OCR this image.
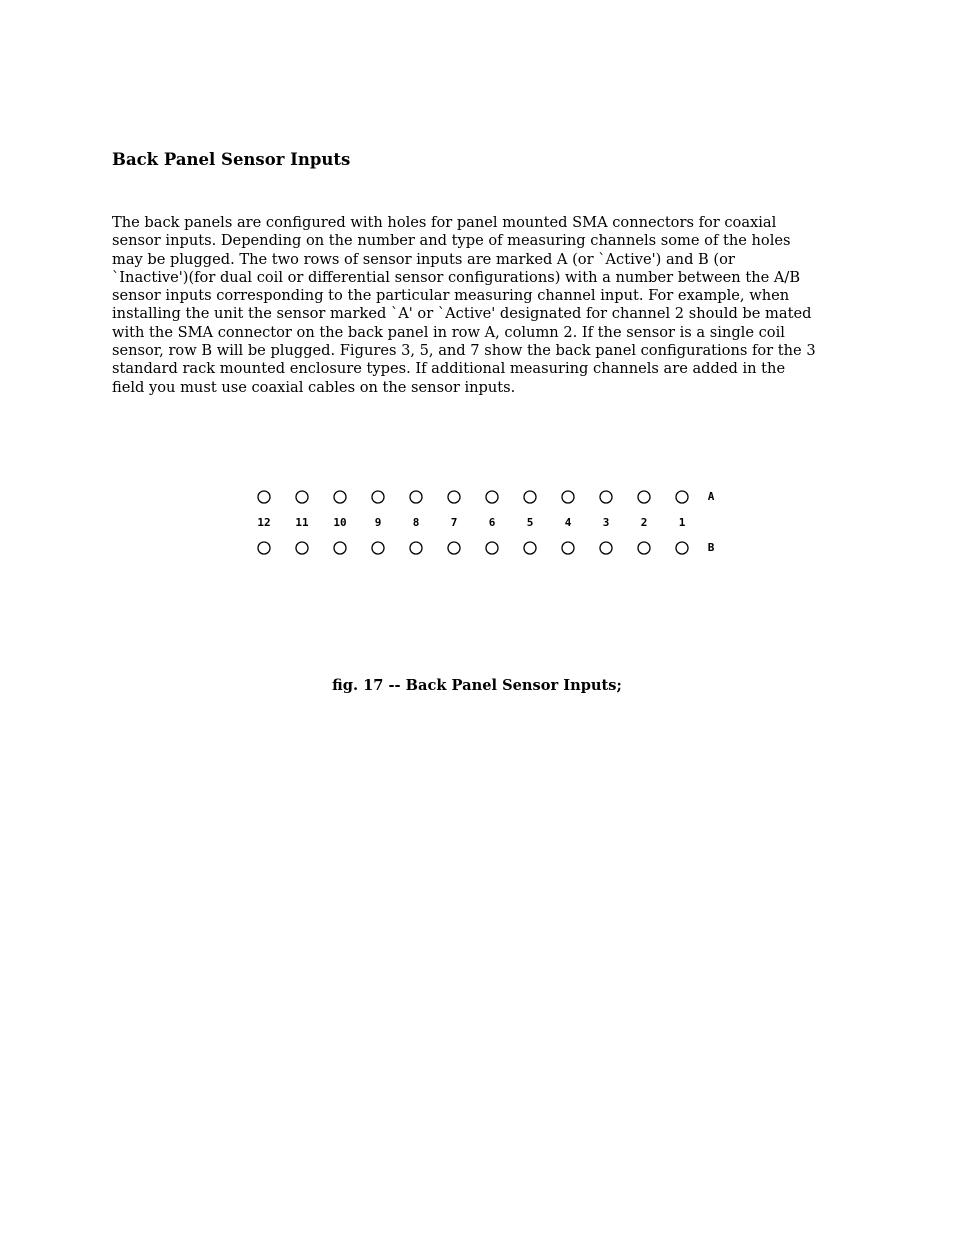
Back Panel Sensor Inputs
The back panels are configured with holes for panel mounted SMA connectors for coaxial
sensor inputs. Depending on the number and type of measuring channels some of the holes
may be plugged. The two rows of sensor inputs are marked A (or `Active') and B (or
`Inactive')(for dual coil or differential sensor configurations) with a number between the A/B
sensor inputs corresponding to the particular measuring channel input. For example, when
installing the unit the sensor marked `A' or `Active' designated for channel 2 should be mated
with the SMA connector on the back panel in row A, column 2. If the sensor is a single coil
sensor, row B will be plugged. Figures 3, 5, and 7 show the back panel configurations for the 3
standard rack mounted enclosure types. If additional measuring channels are added in the
field you must use coaxial cables on the sensor inputs.
12 11 10	9	8	7	6	5	4	3	2	1
A
B

fig. 17 -- Back Panel Sensor Inputs;
